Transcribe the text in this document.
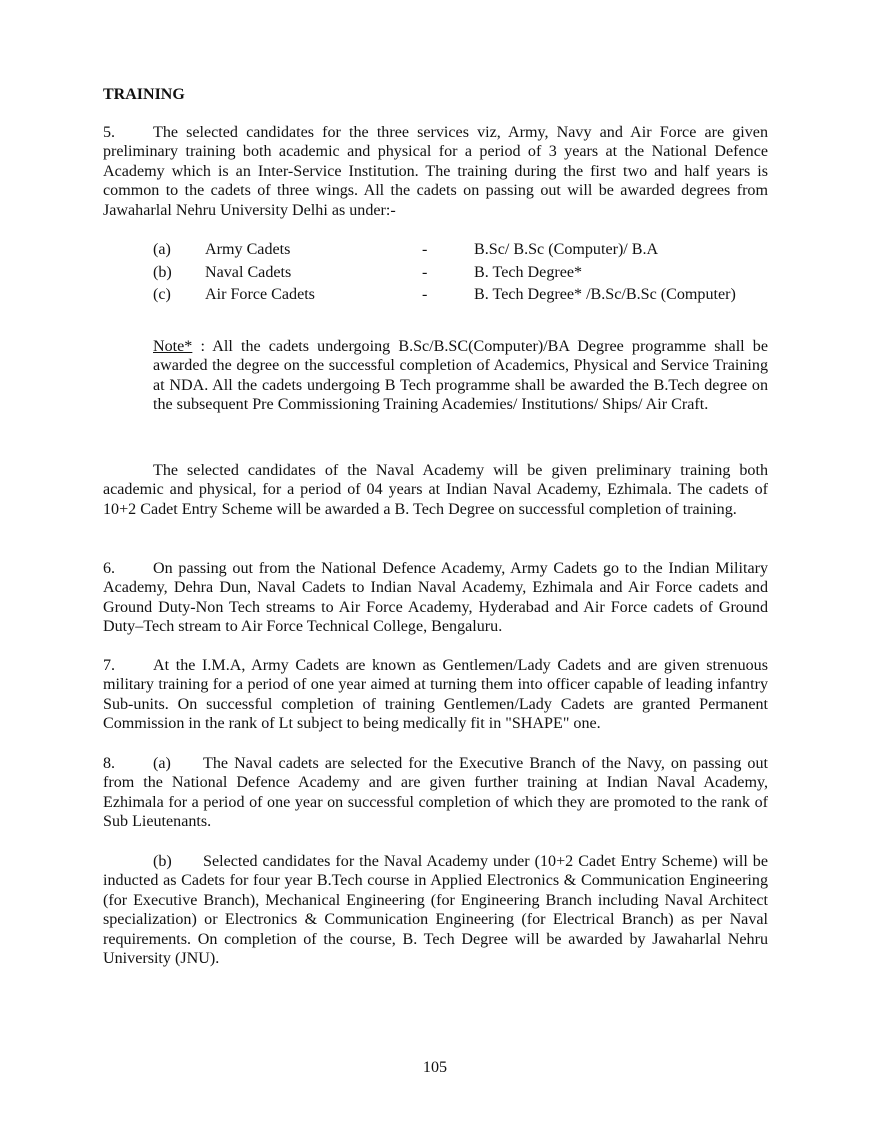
TRAINING

5. The selected candidates for the three services viz, Army, Navy and Air Force are given preliminary training both academic and physical for a period of 3 years at the National Defence Academy which is an Inter-Service Institution. The training during the first two and half years is common to the cadets of three wings. All the cadets on passing out will be awarded degrees from Jawaharlal Nehru University Delhi as under:-

(a)	Army Cadets	-	B.Sc/ B.Sc (Computer)/ B.A
(b)	Naval Cadets	-	B. Tech Degree*
(c)	Air Force Cadets	-	B. Tech Degree* /B.Sc/B.Sc (Computer)

Note* : All the cadets undergoing B.Sc/B.SC(Computer)/BA Degree programme shall be awarded the degree on the successful completion of Academics, Physical and Service Training at NDA. All the cadets undergoing B Tech programme shall be awarded the B.Tech degree on the subsequent Pre Commissioning Training Academies/ Institutions/ Ships/ Air Craft.

The selected candidates of the Naval Academy will be given preliminary training both academic and physical, for a period of 04 years at Indian Naval Academy, Ezhimala. The cadets of 10+2 Cadet Entry Scheme will be awarded a B. Tech Degree on successful completion of training.

6. On passing out from the National Defence Academy, Army Cadets go to the Indian Military Academy, Dehra Dun, Naval Cadets to Indian Naval Academy, Ezhimala and Air Force cadets and Ground Duty-Non Tech streams to Air Force Academy, Hyderabad and Air Force cadets of Ground Duty–Tech stream to Air Force Technical College, Bengaluru.

7. At the I.M.A, Army Cadets are known as Gentlemen/Lady Cadets and are given strenuous military training for a period of one year aimed at turning them into officer capable of leading infantry Sub-units. On successful completion of training Gentlemen/Lady Cadets are granted Permanent Commission in the rank of Lt subject to being medically fit in "SHAPE" one.

8. (a) The Naval cadets are selected for the Executive Branch of the Navy, on passing out from the National Defence Academy and are given further training at Indian Naval Academy, Ezhimala for a period of one year on successful completion of which they are promoted to the rank of Sub Lieutenants.

(b) Selected candidates for the Naval Academy under (10+2 Cadet Entry Scheme) will be inducted as Cadets for four year B.Tech course in Applied Electronics & Communication Engineering (for Executive Branch), Mechanical Engineering (for Engineering Branch including Naval Architect specialization) or Electronics & Communication Engineering (for Electrical Branch) as per Naval requirements. On completion of the course, B. Tech Degree will be awarded by Jawaharlal Nehru University (JNU).

105
